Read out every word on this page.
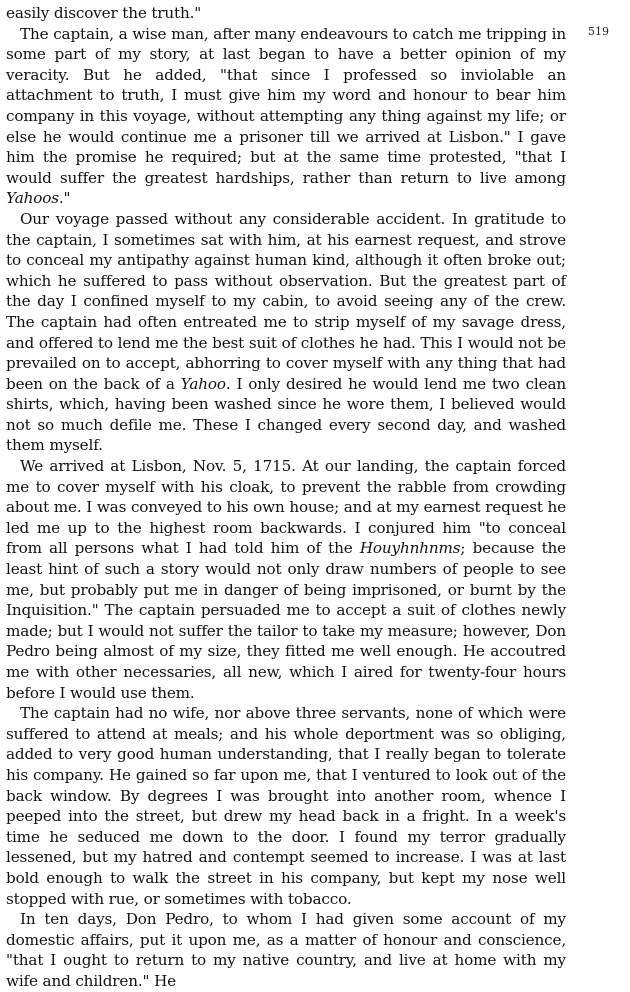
519

easily discover the truth."

The captain, a wise man, after many endeavours to catch me tripping in some part of my story, at last began to have a better opinion of my veracity. But he added, "that since I professed so inviolable an attachment to truth, I must give him my word and honour to bear him company in this voyage, without attempting any thing against my life; or else he would continue me a prisoner till we arrived at Lisbon." I gave him the promise he required; but at the same time protested, "that I would suffer the greatest hardships, rather than return to live among Yahoos."

Our voyage passed without any considerable accident. In gratitude to the captain, I sometimes sat with him, at his earnest request, and strove to conceal my antipathy against human kind, although it often broke out; which he suffered to pass without observation. But the greatest part of the day I confined myself to my cabin, to avoid seeing any of the crew. The captain had often entreated me to strip myself of my savage dress, and offered to lend me the best suit of clothes he had. This I would not be prevailed on to accept, abhorring to cover myself with any thing that had been on the back of a Yahoo. I only desired he would lend me two clean shirts, which, having been washed since he wore them, I believed would not so much defile me. These I changed every second day, and washed them myself.

We arrived at Lisbon, Nov. 5, 1715. At our landing, the captain forced me to cover myself with his cloak, to prevent the rabble from crowding about me. I was conveyed to his own house; and at my earnest request he led me up to the highest room backwards. I conjured him "to conceal from all persons what I had told him of the Houyhnhnms; because the least hint of such a story would not only draw numbers of people to see me, but probably put me in danger of being imprisoned, or burnt by the Inquisition." The captain persuaded me to accept a suit of clothes newly made; but I would not suffer the tailor to take my measure; however, Don Pedro being almost of my size, they fitted me well enough. He accoutred me with other necessaries, all new, which I aired for twenty-four hours before I would use them.

The captain had no wife, nor above three servants, none of which were suffered to attend at meals; and his whole deportment was so obliging, added to very good human understanding, that I really began to tolerate his company. He gained so far upon me, that I ventured to look out of the back window. By degrees I was brought into another room, whence I peeped into the street, but drew my head back in a fright. In a week's time he seduced me down to the door. I found my terror gradually lessened, but my hatred and contempt seemed to increase. I was at last bold enough to walk the street in his company, but kept my nose well stopped with rue, or sometimes with tobacco.

In ten days, Don Pedro, to whom I had given some account of my domestic affairs, put it upon me, as a matter of honour and conscience, "that I ought to return to my native country, and live at home with my wife and children." He
